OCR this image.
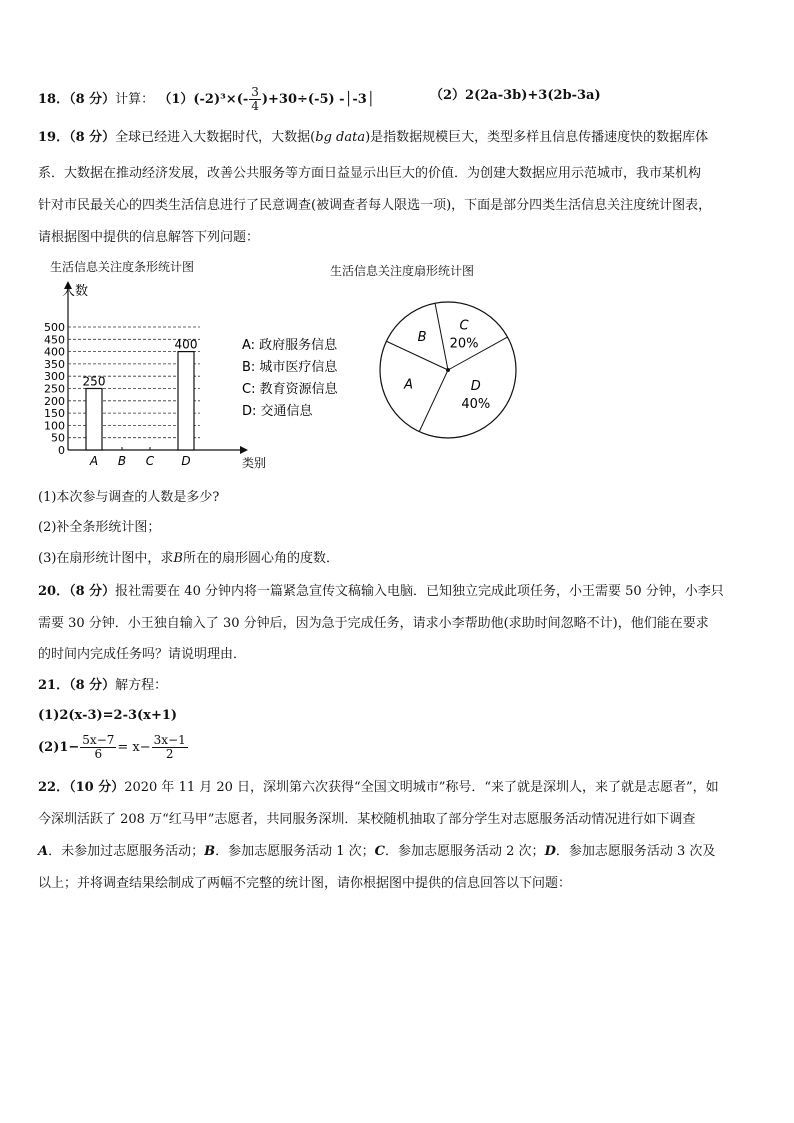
18．（8 分）计算： $(1)(-2)^3\times(- \frac{3}{4} )+30\div(-5)$ -│-3│	（2）2(2a-3b)+3(2b-3a)
19．（8 分）全球已经进入大数据时代，大数据(bg data)是指数据规模巨大，类型多样且信息传播速度快的数据库体
系．大数据在推动经济发展，改善公共服务等方面日益显示出巨大的价值．为创建大数据应用示范城市，我市某机构
针对市民最关心的四类生活信息进行了民意调查(被调查者每人限选一项)，下面是部分四类生活信息关注度统计图表，
请根据图中提供的信息解答下列问题：
生活信息关注度条形统计图
人数
类别
0
50
100
150
200
250
300
350
400
450
500
A
250
B C D
400	A: 政府服务信息
B: 城市医疗信息
C: 教育资源信息
D: 交通信息
生活信息关注度扇形统计图
A
B
C
20%
D
40%
(1)本次参与调查的人数是多少?
(2)补全条形统计图；
(3)在扇形统计图中，求B所在的扇形圆心角的度数．
20．（8 分）报社需要在 40 分钟内将一篇紧急宣传文稿输入电脑．已知独立完成此项任务，小王需要 50 分钟，小李只
需要 30 分钟．小王独自输入了 30 分钟后，因为急于完成任务，请求小李帮助他(求助时间忽略不计)，他们能在要求
的时间内完成任务吗？请说明理由．
21．（8 分）解方程：
(1)2(x-3)=2-3(x+1)
$(2)1- \frac{5x-7}{6} = x- \frac{3x-1}{2}$
22．（10 分）2020 年 11 月 20 日，深圳第六次获得“全国文明城市”称号．“来了就是深圳人，来了就是志愿者”，如
今深圳活跃了 208 万“红马甲”志愿者，共同服务深圳．某校随机抽取了部分学生对志愿服务活动情况进行如下调查
A．未参加过志愿服务活动；B．参加志愿服务活动 1 次；C．参加志愿服务活动 2 次；D．参加志愿服务活动 3 次及
以上；并将调查结果绘制成了两幅不完整的统计图，请你根据图中提供的信息回答以下问题：
